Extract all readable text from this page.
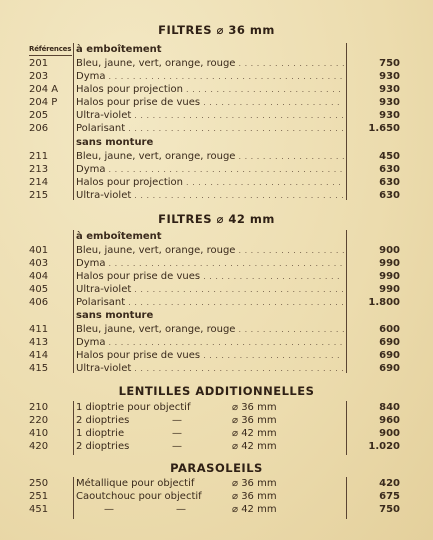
FILTRES ⌀ 36 mm
Références à emboîtement
201	Bleu, jaune, vert, orange, rouge . . .	750
203	Dyma . . .	930
204 A	Halos pour projection . . .	930
204 P	Halos pour prise de vues . . .	930
205	Ultra-violet . . .	930
206	Polarisant . . .	1.650
sans monture
211	Bleu, jaune, vert, orange, rouge . . .	450
213	Dyma . . .	630
214	Halos pour projection . . .	630
215	Ultra-violet . . .	630
FILTRES ⌀ 42 mm
à emboîtement
401	Bleu, jaune, vert, orange, rouge . . .	900
403	Dyma . . .	990
404	Halos pour prise de vues . . .	990
405	Ultra-violet . . .	990
406	Polarisant . . .	1.800
sans monture
411	Bleu, jaune, vert, orange, rouge . . .	600
413	Dyma . . .	690
414	Halos pour prise de vues . . .	690
415	Ultra-violet . . .	690
LENTILLES ADDITIONNELLES
210	1 dioptrie pour objectif	⌀ 36 mm	840
220	2 dioptries	—	⌀ 36 mm	960
410	1 dioptrie	—	⌀ 42 mm	900
420	2 dioptries	—	⌀ 42 mm	1.020
PARASOLEILS
250	Métallique pour objectif	⌀ 36 mm	420
251	Caoutchouc pour objectif	⌀ 36 mm	675
451	—	—	⌀ 42 mm	750
